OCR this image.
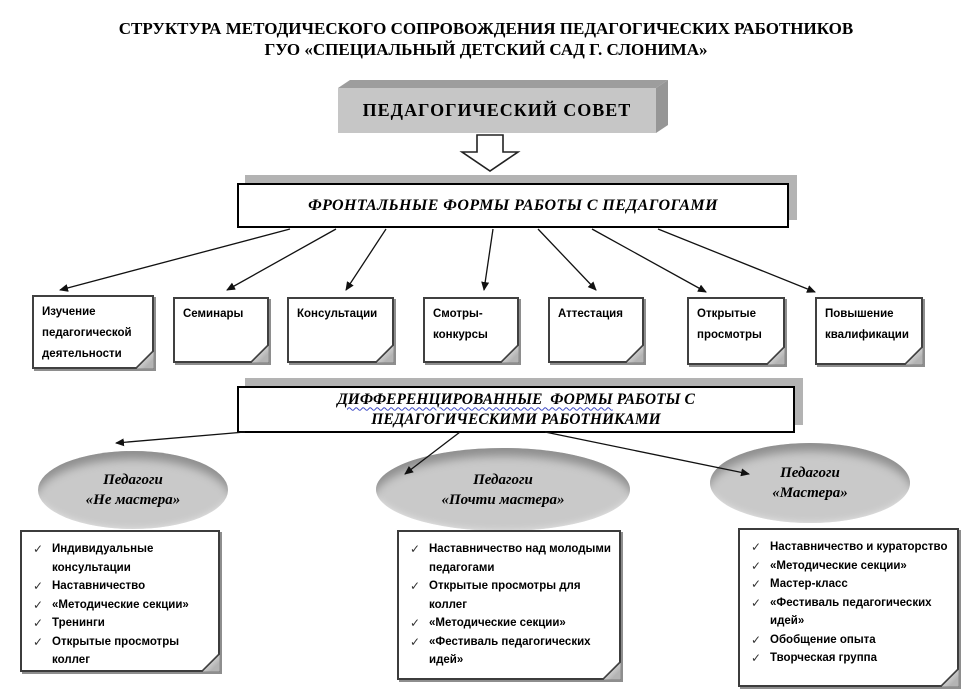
СТРУКТУРА МЕТОДИЧЕСКОГО СОПРОВОЖДЕНИЯ ПЕДАГОГИЧЕСКИХ РАБОТНИКОВ
ГУО «СПЕЦИАЛЬНЫЙ ДЕТСКИЙ САД Г. СЛОНИМА»
ПЕДАГОГИЧЕСКИЙ СОВЕТ
ФРОНТАЛЬНЫЕ ФОРМЫ РАБОТЫ С ПЕДАГОГАМИ
Изучение педагогической деятельности
Семинары	Консультации	Смотры-конкурсы
Аттестация	Открытые просмотры
Повышение квалификации
ДИФФЕРЕНЦИРОВАННЫЕ  ФОРМЫ РАБОТЫ С
ПЕДАГОГИЧЕСКИМИ РАБОТНИКАМИ
Педагоги
«Не мастера»
Педагоги
«Почти мастера»
Педагоги
«Мастера»
✓ Индивидуальные консультации
✓ Наставничество
✓ «Методические секции»
✓ Тренинги
✓ Открытые просмотры коллег
✓ Наставничество над молодыми педагогами
✓ Открытые просмотры для коллег
✓ «Методические секции»
✓ «Фестиваль педагогических идей»
✓ Наставничество и кураторство
✓ «Методические секции»
✓ Мастер-класс
✓ «Фестиваль педагогических идей»
✓ Обобщение опыта
✓ Творческая группа
